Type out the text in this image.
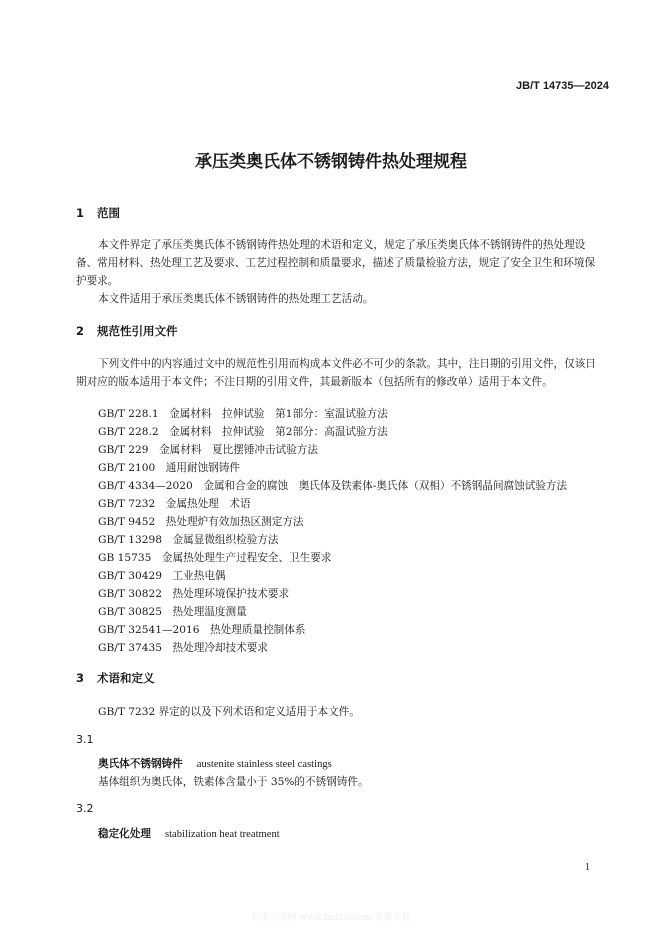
JB/T 14735—2024
承压类奥氏体不锈钢铸件热处理规程
1 范围
本文件界定了承压类奥氏体不锈钢铸件热处理的术语和定义，规定了承压类奥氏体不锈钢铸件的热处理设备、常用材料、热处理工艺及要求、工艺过程控制和质量要求，描述了质量检验方法，规定了安全卫生和环境保护要求。
本文件适用于承压类奥氏体不锈钢铸件的热处理工艺活动。
2 规范性引用文件
下列文件中的内容通过文中的规范性引用而构成本文件必不可少的条款。其中，注日期的引用文件，仅该日期对应的版本适用于本文件；不注日期的引用文件，其最新版本（包括所有的修改单）适用于本文件。
GB/T 228.1　金属材料　拉伸试验　第1部分：室温试验方法
GB/T 228.2　金属材料　拉伸试验　第2部分：高温试验方法
GB/T 229　金属材料　夏比摆锤冲击试验方法
GB/T 2100　通用耐蚀钢铸件
GB/T 4334—2020　金属和合金的腐蚀　奥氏体及铁素体-奥氏体（双相）不锈钢晶间腐蚀试验方法
GB/T 7232　金属热处理　术语
GB/T 9452　热处理炉有效加热区测定方法
GB/T 13298　金属显微组织检验方法
GB 15735　金属热处理生产过程安全、卫生要求
GB/T 30429　工业热电偶
GB/T 30822　热处理环境保护技术要求
GB/T 30825　热处理温度测量
GB/T 32541—2016　热处理质量控制体系
GB/T 37435　热处理冷却技术要求
3 术语和定义
GB/T 7232 界定的以及下列术语和定义适用于本文件。
3.1
奥氏体不锈钢铸件 austenite stainless steel castings
基体组织为奥氏体，铁素体含量小于 35%的不锈钢铸件。
3.2
稳定化处理 stabilization heat treatment
1
标准分享网 www.bzfxw.com 免费下载
